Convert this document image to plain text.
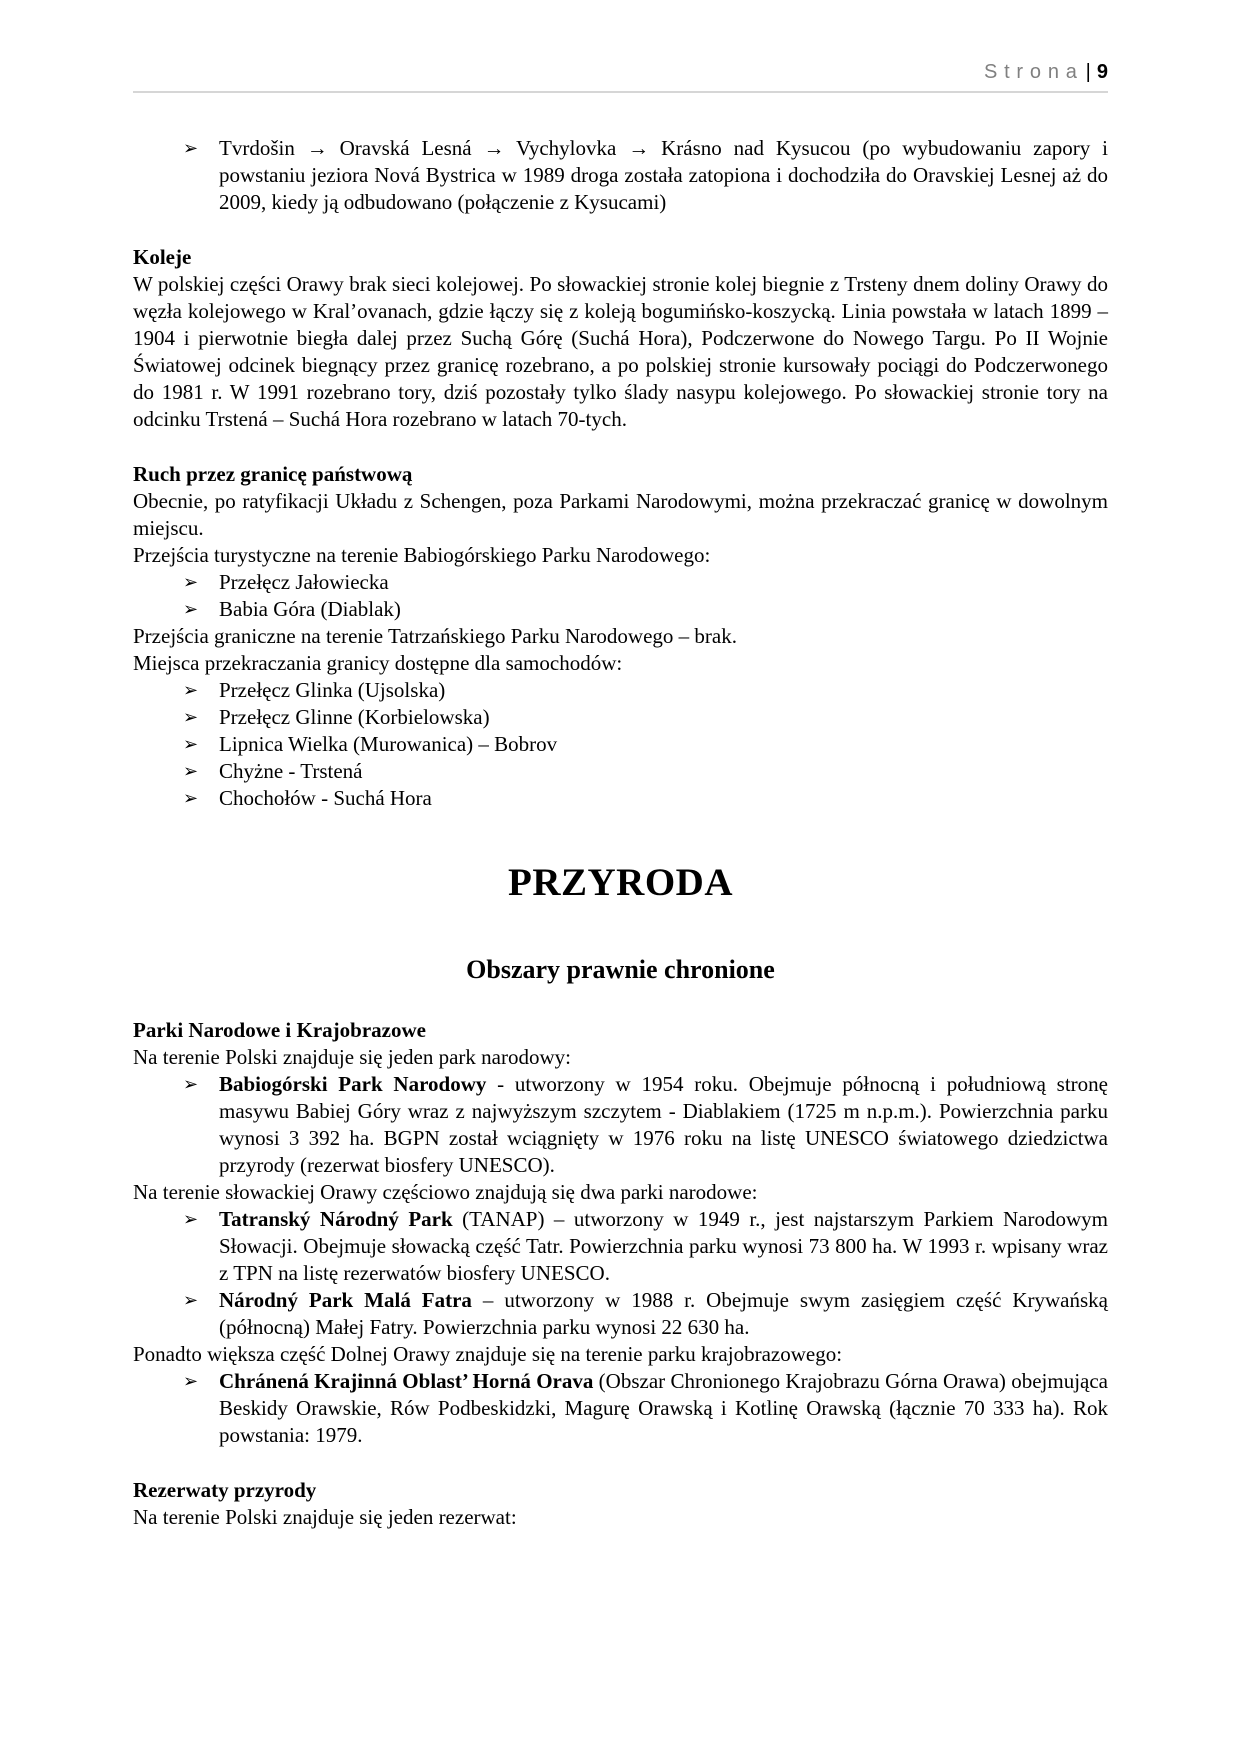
Strona | 9
➢ Tvrdošin → Oravská Lesná → Vychylovka → Krásno nad Kysucou (po wybudowaniu zapory i powstaniu jeziora Nová Bystrica w 1989 droga została zatopiona i dochodziła do Oravskiej Lesnej aż do 2009, kiedy ją odbudowano (połączenie z Kysucami)
Koleje

W polskiej części Orawy brak sieci kolejowej. Po słowackiej stronie kolej biegnie z Trsteny dnem doliny Orawy do węzła kolejowego w Kral’ovanach, gdzie łączy się z koleją bogumińsko-koszycką. Linia powstała w latach 1899 – 1904 i pierwotnie biegła dalej przez Suchą Górę (Suchá Hora), Podczerwone do Nowego Targu. Po II Wojnie Światowej odcinek biegnący przez granicę rozebrano, a po polskiej stronie kursowały pociągi do Podczerwonego do 1981 r. W 1991 rozebrano tory, dziś pozostały tylko ślady nasypu kolejowego. Po słowackiej stronie tory na odcinku Trstená – Suchá Hora rozebrano w latach 70-tych.

Ruch przez granicę państwową

Obecnie, po ratyfikacji Układu z Schengen, poza Parkami Narodowymi, można przekraczać granicę w dowolnym miejscu.

Przejścia turystyczne na terenie Babiogórskiego Parku Narodowego:

➢ Przełęcz Jałowiecka
➢ Babia Góra (Diablak)

Przejścia graniczne na terenie Tatrzańskiego Parku Narodowego – brak.

Miejsca przekraczania granicy dostępne dla samochodów:

➢ Przełęcz Glinka (Ujsolska)
➢ Przełęcz Glinne (Korbielowska)
➢ Lipnica Wielka (Murowanica) – Bobrov
➢ Chyżne - Trstená
➢ Chochołów - Suchá Hora
PRZYRODA
Obszary prawnie chronione
Parki Narodowe i Krajobrazowe

Na terenie Polski znajduje się jeden park narodowy:

➢ Babiogórski Park Narodowy - utworzony w 1954 roku. Obejmuje północną i południową stronę masywu Babiej Góry wraz z najwyższym szczytem - Diablakiem (1725 m n.p.m.). Powierzchnia parku wynosi 3 392 ha. BGPN został wciągnięty w 1976 roku na listę UNESCO światowego dziedzictwa przyrody (rezerwat biosfery UNESCO).

Na terenie słowackiej Orawy częściowo znajdują się dwa parki narodowe:

➢ Tatranský Národný Park (TANAP) – utworzony w 1949 r., jest najstarszym Parkiem Narodowym Słowacji. Obejmuje słowacką część Tatr. Powierzchnia parku wynosi 73 800 ha. W 1993 r. wpisany wraz z TPN na listę rezerwatów biosfery UNESCO.
➢ Národný Park Malá Fatra – utworzony w 1988 r. Obejmuje swym zasięgiem część Krywańską (północną) Małej Fatry. Powierzchnia parku wynosi 22 630 ha.

Ponadto większa część Dolnej Orawy znajduje się na terenie parku krajobrazowego:

➢ Chránená Krajinná Oblast’ Horná Orava (Obszar Chronionego Krajobrazu Górna Orawa) obejmująca Beskidy Orawskie, Rów Podbeskidzki, Magurę Orawską i Kotlinę Orawską (łącznie 70 333 ha). Rok powstania: 1979.
Rezerwaty przyrody

Na terenie Polski znajduje się jeden rezerwat:
